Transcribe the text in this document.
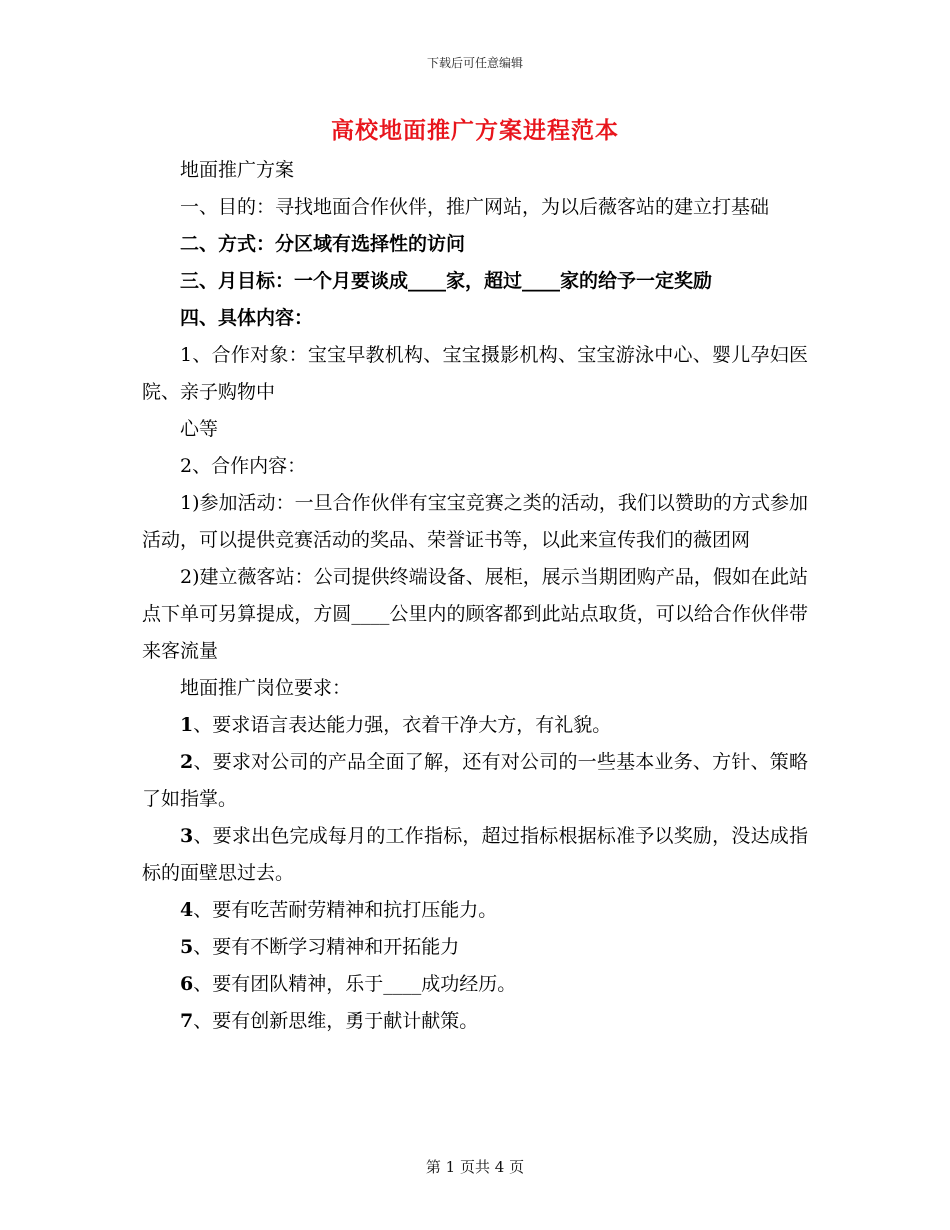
下载后可任意编辑
高校地面推广方案进程范本

地面推广方案

一、目的：寻找地面合作伙伴，推广网站，为以后薇客站的建立打基础

二、方式：分区域有选择性的访问

三、月目标：一个月要谈成____家，超过____家的给予一定奖励

四、具体内容：

1、合作对象：宝宝早教机构、宝宝摄影机构、宝宝游泳中心、婴儿孕妇医院、亲子购物中

心等

2、合作内容：

1)参加活动：一旦合作伙伴有宝宝竞赛之类的活动，我们以赞助的方式参加活动，可以提供竞赛活动的奖品、荣誉证书等，以此来宣传我们的薇团网

2)建立薇客站：公司提供终端设备、展柜，展示当期团购产品，假如在此站点下单可另算提成，方圆____公里内的顾客都到此站点取货，可以给合作伙伴带来客流量

地面推广岗位要求：

1、要求语言表达能力强，衣着干净大方，有礼貌。

2、要求对公司的产品全面了解，还有对公司的一些基本业务、方针、策略了如指掌。

3、要求出色完成每月的工作指标，超过指标根据标准予以奖励，没达成指标的面壁思过去。

4、要有吃苦耐劳精神和抗打压能力。

5、要有不断学习精神和开拓能力

6、要有团队精神，乐于____成功经历。

7、要有创新思维，勇于献计献策。

第 1 页共 4 页
